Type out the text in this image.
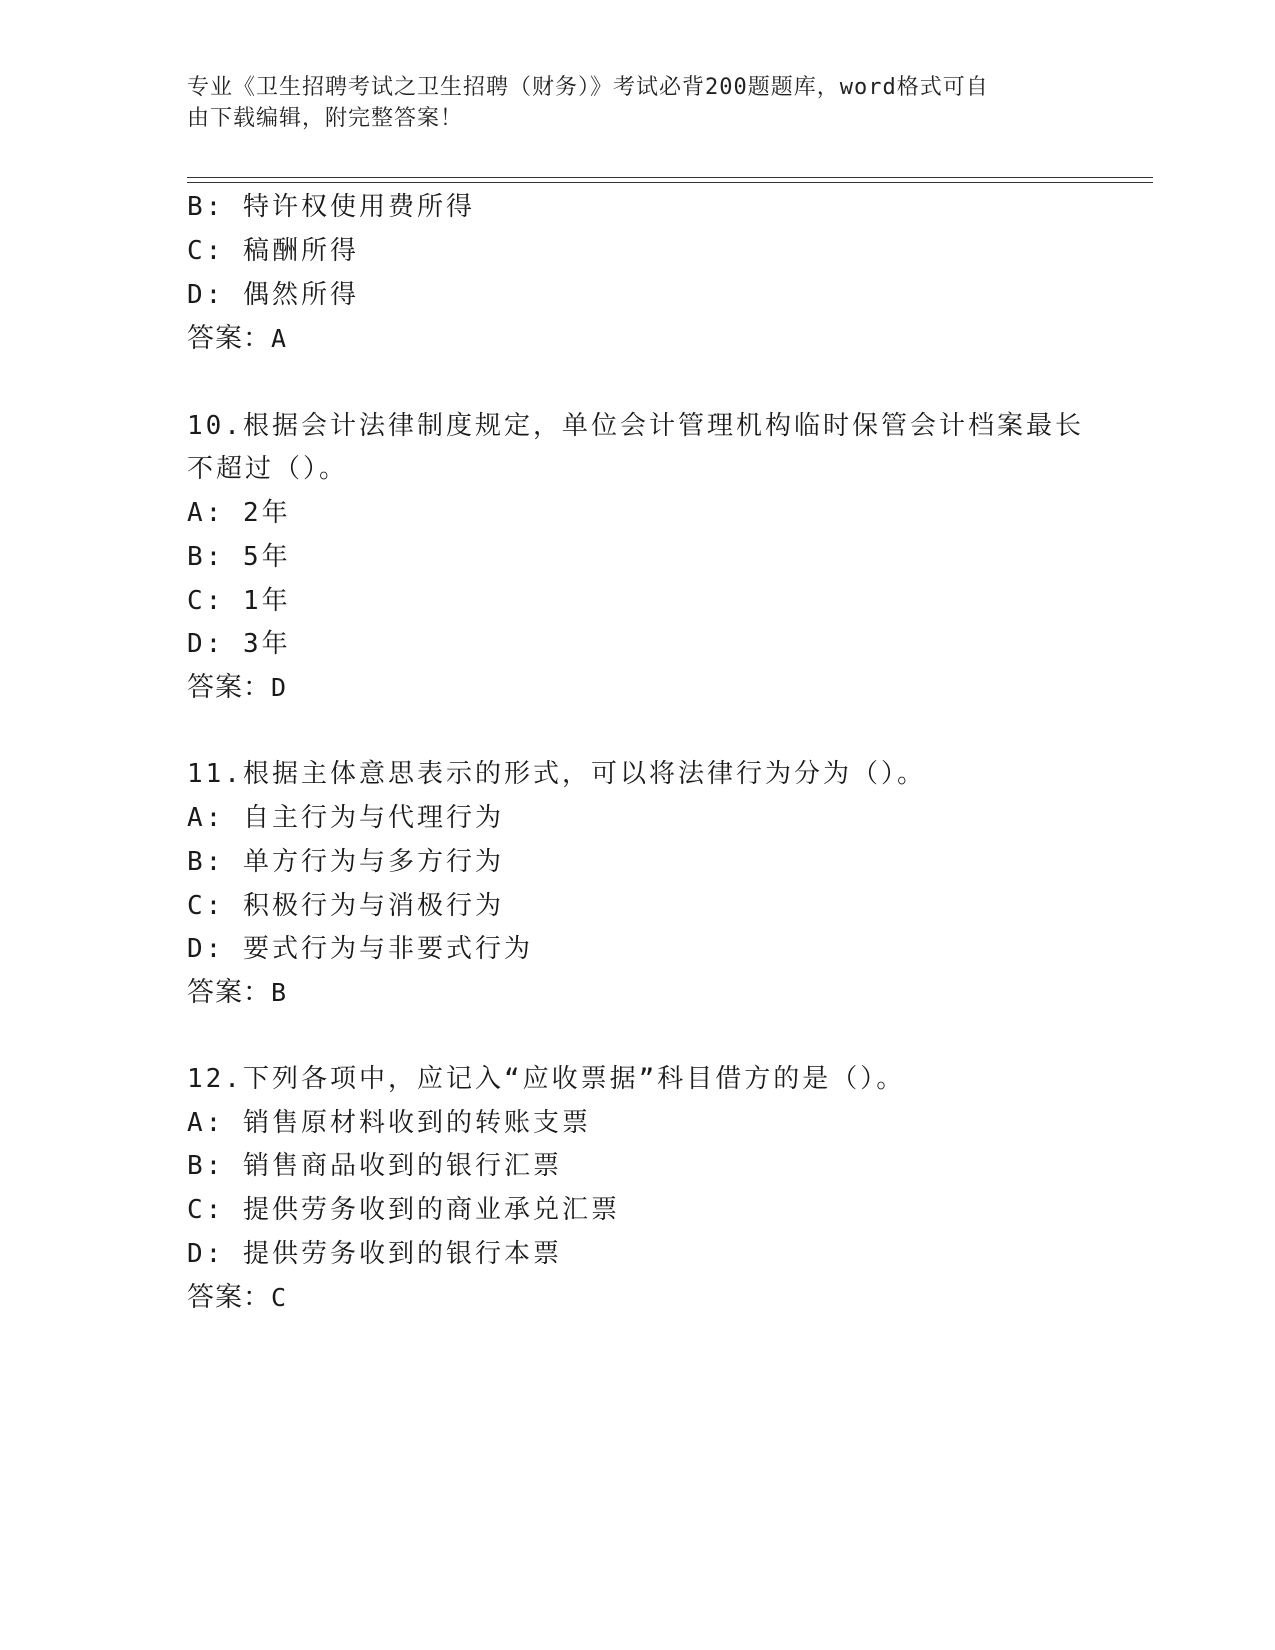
专业《卫生招聘考试之卫生招聘（财务）》考试必背200题题库，word格式可自
由下载编辑，附完整答案！
B: 特许权使用费所得
C: 稿酬所得
D: 偶然所得
答案：A
10.根据会计法律制度规定，单位会计管理机构临时保管会计档案最长
不超过（）。
A: 2年
B: 5年
C: 1年
D: 3年
答案：D
11.根据主体意思表示的形式，可以将法律行为分为（）。
A: 自主行为与代理行为
B: 单方行为与多方行为
C: 积极行为与消极行为
D: 要式行为与非要式行为
答案：B
12.下列各项中，应记入“应收票据”科目借方的是（）。
A: 销售原材料收到的转账支票
B: 销售商品收到的银行汇票
C: 提供劳务收到的商业承兑汇票
D: 提供劳务收到的银行本票
答案：C
